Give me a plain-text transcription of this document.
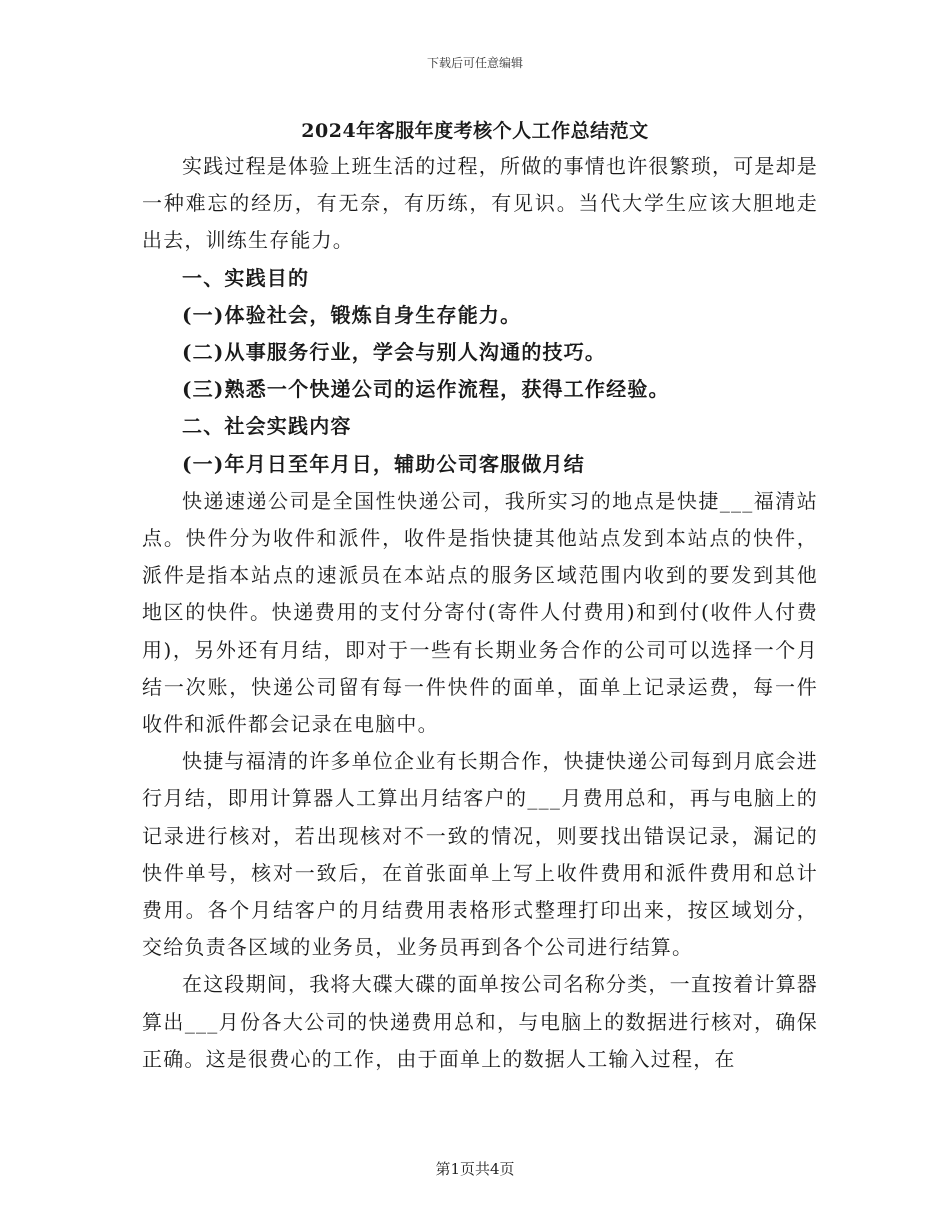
下载后可任意编辑
2024年客服年度考核个人工作总结范文

实践过程是体验上班生活的过程，所做的事情也许很繁琐，可是却是一种难忘的经历，有无奈，有历练，有见识。当代大学生应该大胆地走出去，训练生存能力。

一、实践目的

(一)体验社会，锻炼自身生存能力。

(二)从事服务行业，学会与别人沟通的技巧。

(三)熟悉一个快递公司的运作流程，获得工作经验。

二、社会实践内容

(一)年月日至年月日，辅助公司客服做月结

快递速递公司是全国性快递公司，我所实习的地点是快捷___福清站点。快件分为收件和派件，收件是指快捷其他站点发到本站点的快件，派件是指本站点的速派员在本站点的服务区域范围内收到的要发到其他地区的快件。快递费用的支付分寄付(寄件人付费用)和到付(收件人付费用)，另外还有月结，即对于一些有长期业务合作的公司可以选择一个月结一次账，快递公司留有每一件快件的面单，面单上记录运费，每一件收件和派件都会记录在电脑中。

快捷与福清的许多单位企业有长期合作，快捷快递公司每到月底会进行月结，即用计算器人工算出月结客户的___月费用总和，再与电脑上的记录进行核对，若出现核对不一致的情况，则要找出错误记录，漏记的快件单号，核对一致后，在首张面单上写上收件费用和派件费用和总计费用。各个月结客户的月结费用表格形式整理打印出来，按区域划分，交给负责各区域的业务员，业务员再到各个公司进行结算。

在这段期间，我将大碟大碟的面单按公司名称分类，一直按着计算器算出___月份各大公司的快递费用总和，与电脑上的数据进行核对，确保正确。这是很费心的工作，由于面单上的数据人工输入过程，在

第1页共4页
